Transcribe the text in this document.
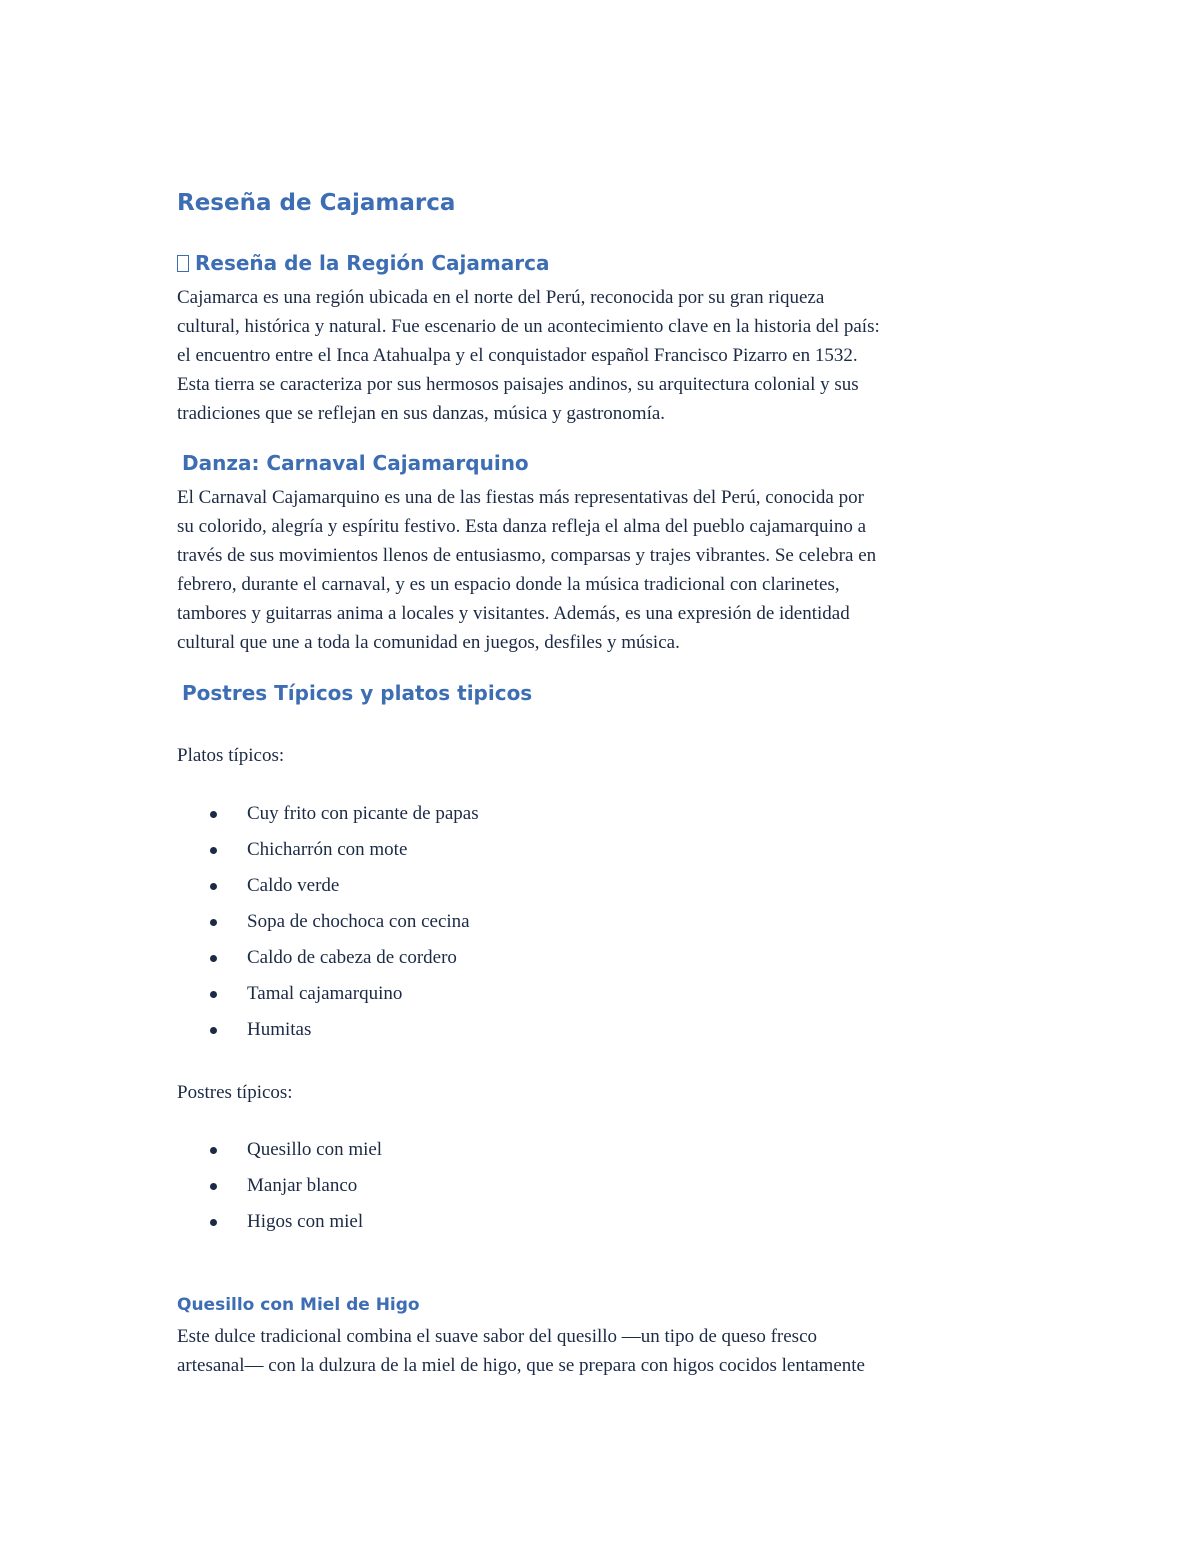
Reseña de Cajamarca
Reseña de la Región Cajamarca

Cajamarca es una región ubicada en el norte del Perú, reconocida por su gran riqueza
cultural, histórica y natural. Fue escenario de un acontecimiento clave en la historia del país:
el encuentro entre el Inca Atahualpa y el conquistador español Francisco Pizarro en 1532.
Esta tierra se caracteriza por sus hermosos paisajes andinos, su arquitectura colonial y sus
tradiciones que se reflejan en sus danzas, música y gastronomía.

Danza: Carnaval Cajamarquino

El Carnaval Cajamarquino es una de las fiestas más representativas del Perú, conocida por
su colorido, alegría y espíritu festivo. Esta danza refleja el alma del pueblo cajamarquino a
través de sus movimientos llenos de entusiasmo, comparsas y trajes vibrantes. Se celebra en
febrero, durante el carnaval, y es un espacio donde la música tradicional con clarinetes,
tambores y guitarras anima a locales y visitantes. Además, es una expresión de identidad
cultural que une a toda la comunidad en juegos, desfiles y música.

Postres Típicos y platos tipicos

Platos típicos:

Cuy frito con picante de papas
Chicharrón con mote
Caldo verde
Sopa de chochoca con cecina
Caldo de cabeza de cordero
Tamal cajamarquino
Humitas

Postres típicos:

Quesillo con miel
Manjar blanco
Higos con miel
Quesillo con Miel de Higo

Este dulce tradicional combina el suave sabor del quesillo —un tipo de queso fresco
artesanal— con la dulzura de la miel de higo, que se prepara con higos cocidos lentamente
